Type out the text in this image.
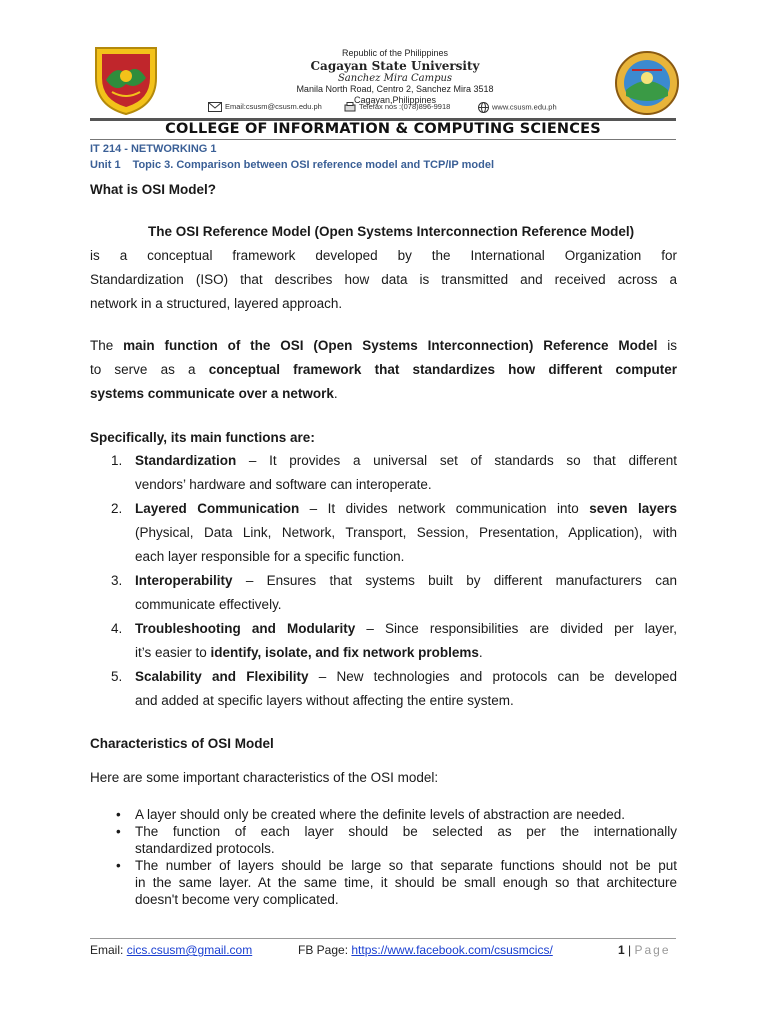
Republic of the Philippines
Cagayan State University
Sanchez Mira Campus
Manila North Road, Centro 2, Sanchez Mira 3518
Cagayan,Philippines
Email:csusm@csusm.edu.ph	Telefax nos :(078)896-9918	www.csusm.edu.ph
COLLEGE OF INFORMATION & COMPUTING SCIENCES
IT 214 - NETWORKING 1
Unit 1 Topic 3. Comparison between OSI reference model and TCP/IP model
What is OSI Model?
The OSI Reference Model (Open Systems Interconnection Reference Model)
is a conceptual framework developed by the International Organization for
Standardization (ISO) that describes how data is transmitted and received across a
network in a structured, layered approach.
The main function of the OSI (Open Systems Interconnection) Reference Model is
to serve as a conceptual framework that standardizes how different computer
systems communicate over a network.
Specifically, its main functions are:
1. Standardization – It provides a universal set of standards so that different
vendors’ hardware and software can interoperate.
2. Layered Communication – It divides network communication into seven layers
(Physical, Data Link, Network, Transport, Session, Presentation, Application), with
each layer responsible for a specific function.
3. Interoperability – Ensures that systems built by different manufacturers can
communicate effectively.
4. Troubleshooting and Modularity – Since responsibilities are divided per layer,
it’s easier to identify, isolate, and fix network problems.
5. Scalability and Flexibility – New technologies and protocols can be developed
and added at specific layers without affecting the entire system.
Characteristics of OSI Model
Here are some important characteristics of the OSI model:
• A layer should only be created where the definite levels of abstraction are needed.
• The function of each layer should be selected as per the internationally
standardized protocols.
• The number of layers should be large so that separate functions should not be put
in the same layer. At the same time, it should be small enough so that architecture
doesn't become very complicated.
Email: cics.csusm@gmail.com	FB Page: https://www.facebook.com/csusmcics/	1 | Page
